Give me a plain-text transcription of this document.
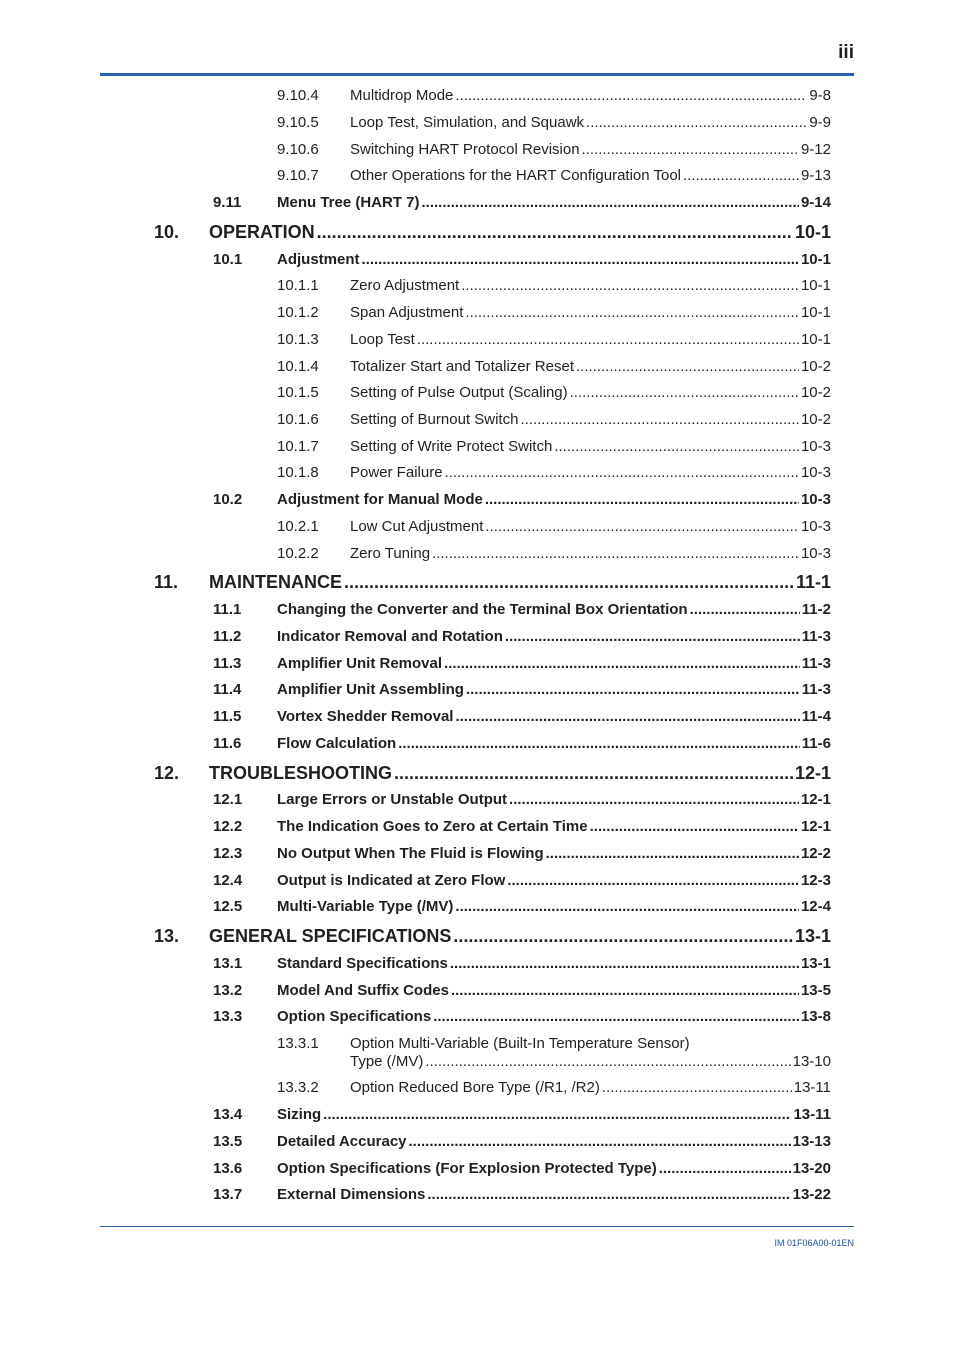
iii
9.10.4	Multidrop Mode .....	9-8
9.10.5	Loop Test, Simulation, and Squawk .....	9-9
9.10.6	Switching HART Protocol Revision .....	9-12
9.10.7	Other Operations for the HART Configuration Tool .....	9-13
9.11	Menu Tree (HART 7) .....	9-14
10.	OPERATION .....	10-1
10.1	Adjustment .....	10-1
10.1.1	Zero Adjustment .....	10-1
10.1.2	Span Adjustment .....	10-1
10.1.3	Loop Test .....	10-1
10.1.4	Totalizer Start and Totalizer Reset .....	10-2
10.1.5	Setting of Pulse Output (Scaling) .....	10-2
10.1.6	Setting of Burnout Switch .....	10-2
10.1.7	Setting of Write Protect Switch .....	10-3
10.1.8	Power Failure .....	10-3
10.2	Adjustment for Manual Mode .....	10-3
10.2.1	Low Cut Adjustment .....	10-3
10.2.2	Zero Tuning .....	10-3
11.	MAINTENANCE .....	11-1
11.1	Changing the Converter and the Terminal Box Orientation .....	11-2
11.2	Indicator Removal and Rotation .....	11-3
11.3	Amplifier Unit Removal .....	11-3
11.4	Amplifier Unit Assembling .....	11-3
11.5	Vortex Shedder Removal .....	11-4
11.6	Flow Calculation .....	11-6
12.	TROUBLESHOOTING .....	12-1
12.1	Large Errors or Unstable Output .....	12-1
12.2	The Indication Goes to Zero at Certain Time .....	12-1
12.3	No Output When The Fluid is Flowing .....	12-2
12.4	Output is Indicated at Zero Flow .....	12-3
12.5	Multi-Variable Type (/MV) .....	12-4
13.	GENERAL SPECIFICATIONS .....	13-1
13.1	Standard Specifications .....	13-1
13.2	Model And Suffix Codes .....	13-5
13.3	Option Specifications .....	13-8
13.3.1	Option Multi-Variable (Built-In Temperature Sensor)
Type (/MV) .....	13-10
13.3.2	Option Reduced Bore Type (/R1, /R2) .....	13-11
13.4	Sizing .....	13-11
13.5	Detailed Accuracy .....	13-13
13.6	Option Specifications (For Explosion Protected Type) .....	13-20
13.7	External Dimensions .....	13-22
IM 01F06A00-01EN
